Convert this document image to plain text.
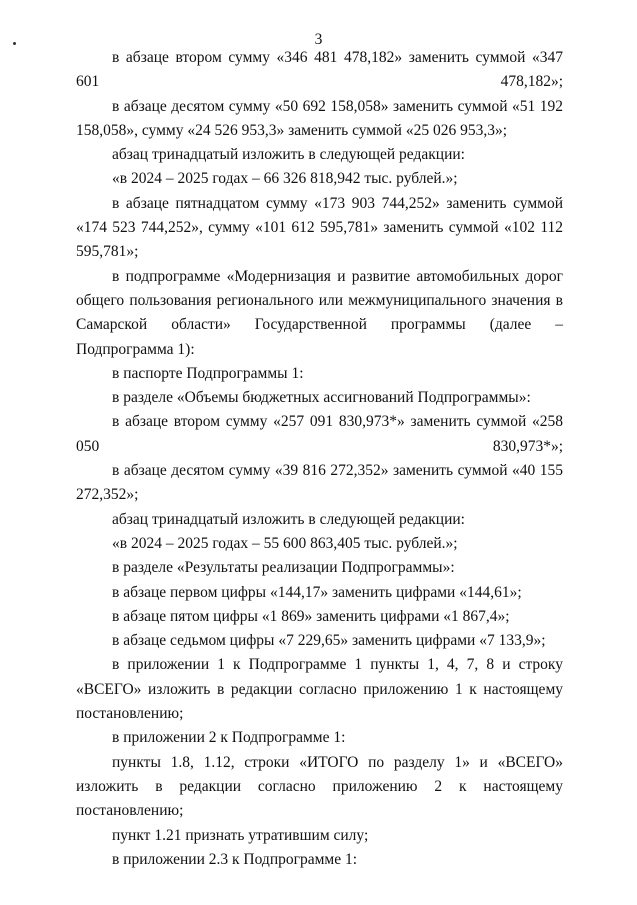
3

в абзаце втором сумму «346 481 478,182» заменить суммой «347 601 478,182»;

в абзаце десятом сумму «50 692 158,058» заменить суммой «51 192 158,058», сумму «24 526 953,3» заменить суммой «25 026 953,3»;

абзац тринадцатый изложить в следующей редакции:

«в 2024 – 2025 годах – 66 326 818,942 тыс. рублей.»;

в абзаце пятнадцатом сумму «173 903 744,252» заменить суммой «174 523 744,252», сумму «101 612 595,781» заменить суммой «102 112 595,781»;

в подпрограмме «Модернизация и развитие автомобильных дорог общего пользования регионального или межмуниципального значения в Самарской области» Государственной программы (далее – Подпрограмма 1):

в паспорте Подпрограммы 1:

в разделе «Объемы бюджетных ассигнований Подпрограммы»:

в абзаце втором сумму «257 091 830,973*» заменить суммой «258 050 830,973*»;

в абзаце десятом сумму «39 816 272,352» заменить суммой «40 155 272,352»;

абзац тринадцатый изложить в следующей редакции:

«в 2024 – 2025 годах – 55 600 863,405 тыс. рублей.»;

в разделе «Результаты реализации Подпрограммы»:

в абзаце первом цифры «144,17» заменить цифрами «144,61»;

в абзаце пятом цифры «1 869» заменить цифрами «1 867,4»;

в абзаце седьмом цифры «7 229,65» заменить цифрами «7 133,9»;

в приложении 1 к Подпрограмме 1 пункты 1, 4, 7, 8 и строку «ВСЕГО» изложить в редакции согласно приложению 1 к настоящему постановлению;

в приложении 2 к Подпрограмме 1:

пункты 1.8, 1.12, строки «ИТОГО по разделу 1» и «ВСЕГО» изложить в редакции согласно приложению 2 к настоящему постановлению;

пункт 1.21 признать утратившим силу;

в приложении 2.3 к Подпрограмме 1:
